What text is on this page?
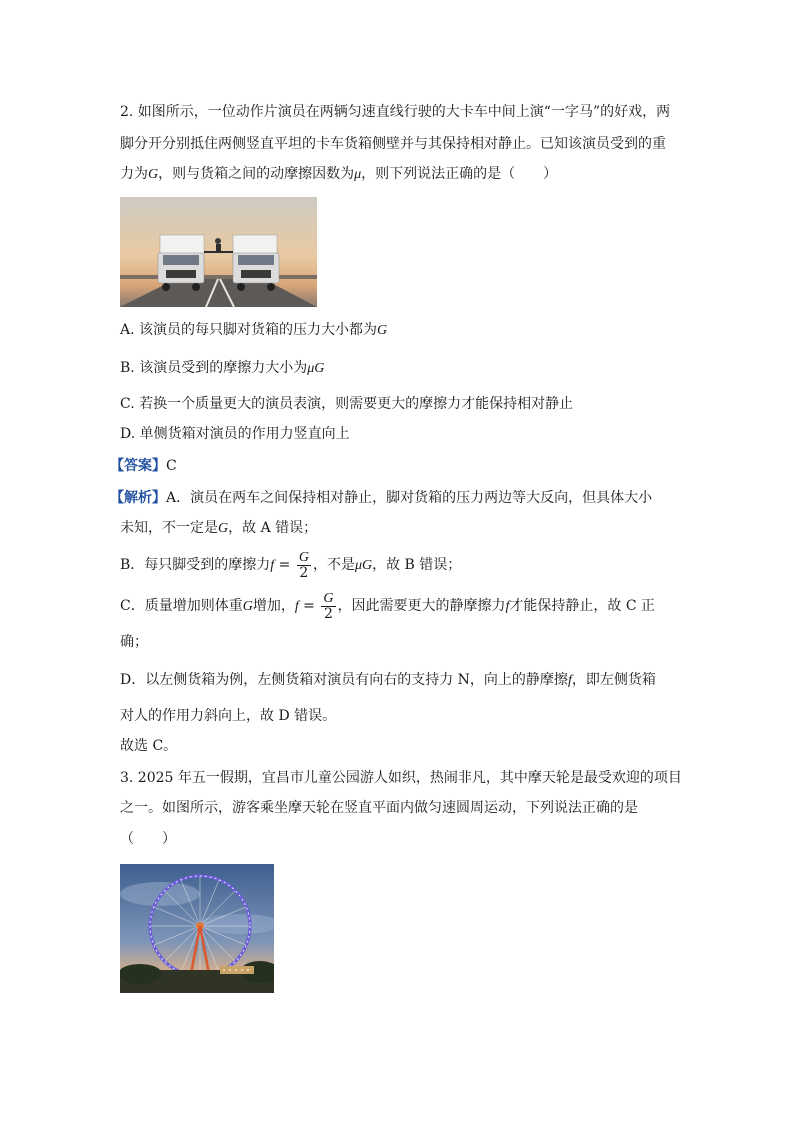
2. 如图所示，一位动作片演员在两辆匀速直线行驶的大卡车中间上演“一字马”的好戏，两
脚分开分别抵住两侧竖直平坦的卡车货箱侧壁并与其保持相对静止。已知该演员受到的重
力为G，则与货箱之间的动摩擦因数为μ，则下列说法正确的是（　　）
A. 该演员的每只脚对货箱的压力大小都为G
B. 该演员受到的摩擦力大小为μG
C. 若换一个质量更大的演员表演，则需要更大的摩擦力才能保持相对静止
D. 单侧货箱对演员的作用力竖直向上
【答案】C
【解析】A．演员在两车之间保持相对静止，脚对货箱的压力两边等大反向，但具体大小
未知，不一定是G，故 A 错误；
B．每只脚受到的摩擦力$f = \frac{G}{2}$ ，不是μG，故 B 错误；
C．质量增加则体重G增加，$f = \frac{G}{2}$ ，因此需要更大的静摩擦力f才能保持静止，故 C 正
确；
D．以左侧货箱为例，左侧货箱对演员有向右的支持力 N，向上的静摩擦f，即左侧货箱
对人的作用力斜向上，故 D 错误。
故选 C。
3. 2025 年五一假期，宜昌市儿童公园游人如织，热闹非凡，其中摩天轮是最受欢迎的项目
之一。如图所示，游客乘坐摩天轮在竖直平面内做匀速圆周运动，下列说法正确的是
（　　）
